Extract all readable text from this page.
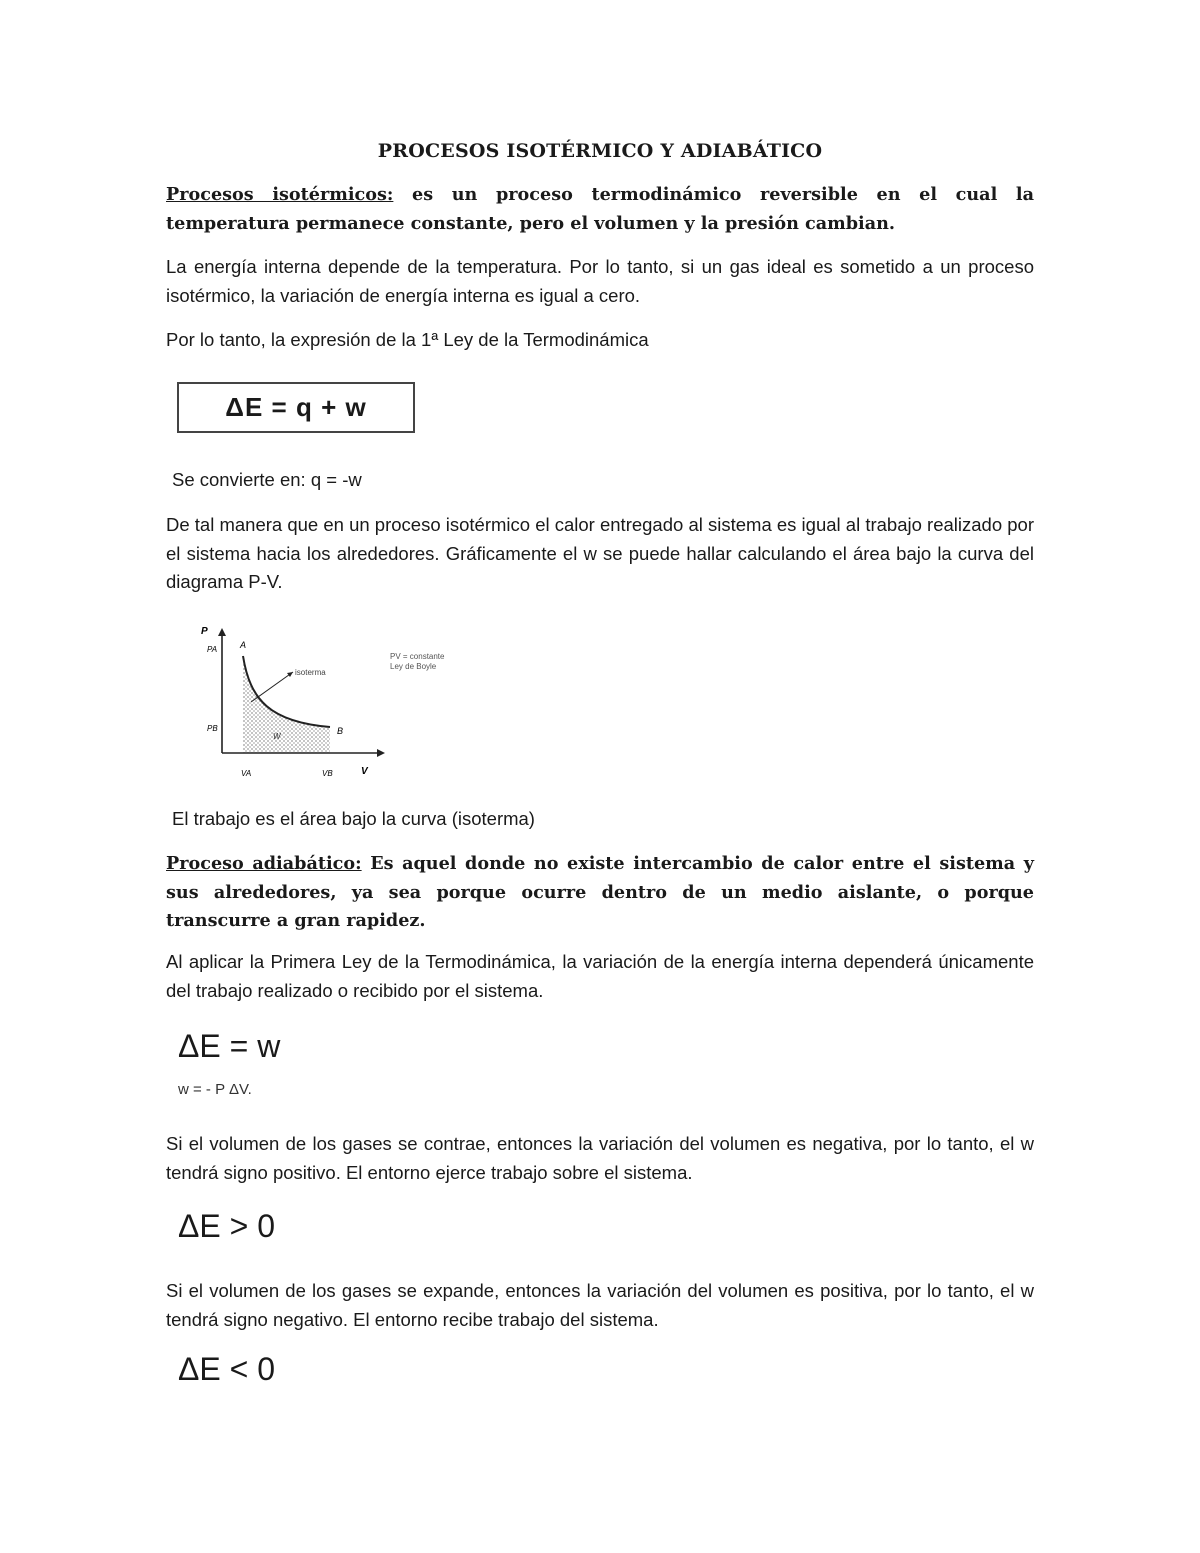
PROCESOS ISOTÉRMICO Y ADIABÁTICO

Procesos isotérmicos: es un proceso termodinámico reversible en el cual la temperatura permanece constante, pero el volumen y la presión cambian.

La energía interna depende de la temperatura. Por lo tanto, si un gas ideal es sometido a un proceso isotérmico, la variación de energía interna es igual a cero.

Por lo tanto, la expresión de la 1ª Ley de la Termodinámica

ΔE = q + w
Se convierte en: q = -w

De tal manera que en un proceso isotérmico el calor entregado al sistema es igual al trabajo realizado por el sistema hacia los alrededores. Gráficamente el w se puede hallar calculando el área bajo la curva del diagrama P-V.

P
PA
PB
A
B
isoterma
W
VA	VB	V
PV = constante
Ley de Boyle
El trabajo es el área bajo la curva (isoterma)

Proceso adiabático: Es aquel donde no existe intercambio de calor entre el sistema y sus alrededores, ya sea porque ocurre dentro de un medio aislante, o porque transcurre a gran rapidez.

Al aplicar la Primera Ley de la Termodinámica, la variación de la energía interna dependerá únicamente del trabajo realizado o recibido por el sistema.

ΔE = w
w = - P ΔV.

Si el volumen de los gases se contrae, entonces la variación del volumen es negativa, por lo tanto, el w tendrá signo positivo. El entorno ejerce trabajo sobre el sistema.

ΔE > 0

Si el volumen de los gases se expande, entonces la variación del volumen es positiva, por lo tanto, el w tendrá signo negativo. El entorno recibe trabajo del sistema.

ΔE < 0
